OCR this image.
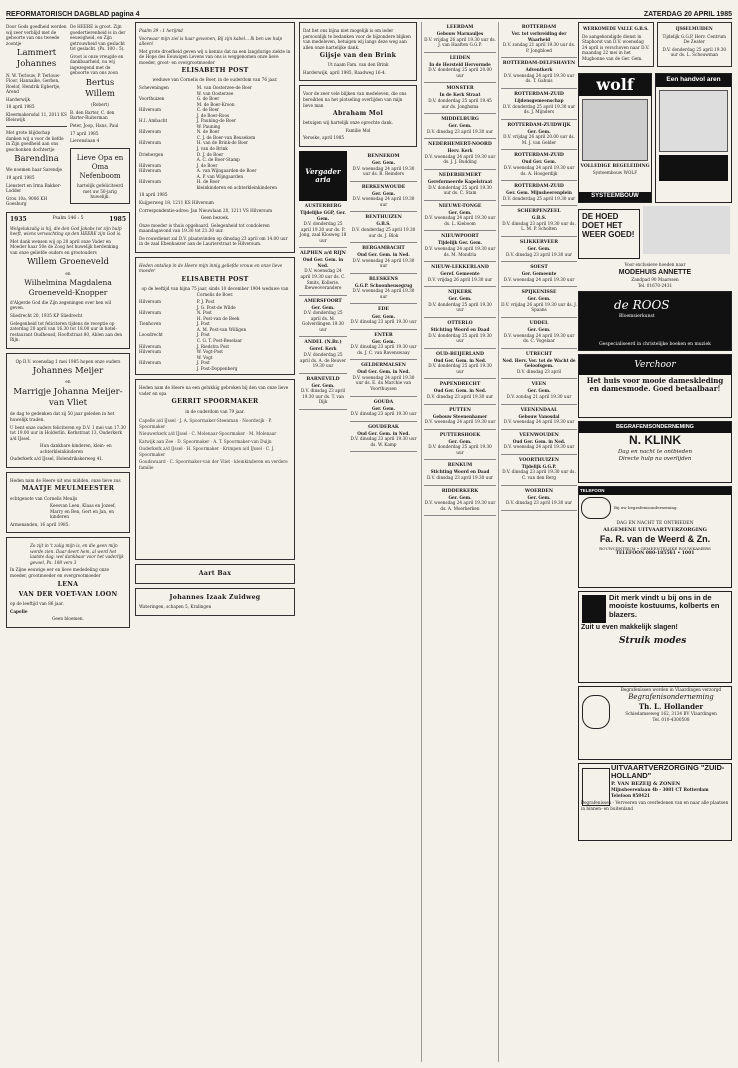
REFORMATORISCH DAGBLAD pagina 4	ZATERDAG 20 APRIL 1985
Door Gods goedheid werden wij zeer verblijd met de geboorte van ons tweede zoontje
Lammert Johannes
N. W. Terlouw, P. Terlouw-Floor, Hannaike, Gerben, Roelof, Hendrik Egbertje, Arend
Harderwijk
18 april 1985
Kleermakersdal 11, 2011 KS Bleiswijk
Met grote blijdschap danken wij u voor de liefde in Zijn goedheid aan ons geschonken dochtertje
Barendina
We noemen haar Sarendje
19 april 1985
Lienstert en Irma Bakker-Lodder
Grou 10a, 9006 KH Goesburg
De HEERE is groot. Zijn goedertierenheid is in der eeuwigheid, en Zijn getrouwheid van geslacht tot geslacht. (Ps. 100 : 5).
Groot is onze vreugde en dankbaarheid, nu wij ingezegend met de geboorte van ons zoon
Bertus Willem
(Robert)
B. den Barter, C. den Barter-Ruiterman
Peter, Joop, Hans, Paul
17 april 1985
Lievenslaan 4
Lieve Opa en Oma Nefenboom
hartelijk gefeliciteerd met uw 50-jarig huwelijk.
1935	Psalm 146 : 5	1985
Welgelukzalig is hij, die den God Jakobs tot zijn hulp heeft, wiens verwachting op den HEERE zijn God is.
Met dank wensen wij op 20 april onze Vader en Moeder haar 50e de Zoog het huwelijk herdenking van onze geliefde ouders en grootouders
Willem Groeneveld
en
Wilhelmina Magdalena Groeneveld-Knopper
d'Algerde God die Zijn zegeningen over hen wil geven.
Sliedrecht 20, 1935 KP Sliedrecht
Gelegenheid tot feliciteren tijdens de receptie op zaterdag 20 april van 16.30 tot 18.00 uur in hotel-restaurant Oudheusd, Hooftstraat 80, Ablen aan den Rijn.
Op D.V. woensdag 1 mei 1985 hopen onze ouders
Johannes Meijer
en
Marrigje Johanna Meijer-van Vliet
de dag te gedenken dat zij 50 jaar geleden in het huwelijk traden.
U bent onze ouders feliciteren op D.V. 1 mei van 17.30 tot 19.00 uur in Holderlin. Kerkstraat 13, Ouderkerk a/d IJssel.
Hun dankbare kinderen, klein- en achterkleinkinderen
Ouderkerk a/d IJssel, Holendrikskerweg 41.
Heden nam de Heere uit ons midden, onze lieve zus
MAATJE MEULMEESTER
echtgenote van Cornelis Meuljs
Keesvan Leen, Klaas en Jozeef, Marry en Ben, Gert en Jan, en kinderen
Armenanden, 16 april 1985.
Zo zijt in 't zalig mijn is, en die geen mijn worde zien. Daar deert hem, al werd het laatste dag, wel dankbaar voor het vaderlijk gevoel, Ps. 108 vers 3
In Zijne eeuwige eer en lieve mededeling onze moeder, grootmoeder en overgrootmoeder
LENA
VAN DER VOET-VAN LOON
op de leeftijd van 86 jaar.
Capelle
Geen bloemen.
Psalm 39 : 1 herijmd
Voorwaar mijn ziel is haar gewonen, Bij zijn kabel... Ik ben uw hulp alleen!
Met grote droefheid geven wij u kennis dat na een langdurige ziekte in de Hope des Eeuwigen Levens van ons is weggenomen onze lieve moeder, groot- en overgrootmoeder
ELISABETH POST
weduwe van Cornelis de Boer, in de ouderdom van 76 jaar.
Scheveningen	M. van Oosterzee-de Boer
W. van Oosterzee
Voorthuizen	G. de Boer
M. de Boer-Kroon
Hilversum	C. de Boer
J. de Boer-Roos
H.I. Ambacht	J. Pauning-de Boer
W. Pauning
Hilversum	N. de Boer
C. J. de Boer-van Beusekom
Hilversum	H. van de Brink-de Boer
J. van de Brink
Driebergen	D. J. de Boer
A. C. de Boer-Stamp
Hilversum	J. de Boer
Hilversum	A. van Wijngaarden-de Boer
A. P. van Wijngaarden
Hilversum	H. de Boer
kleinkinderen en achterkleinkinderen
18 april 1985
Kuijperweg 18, 1211 KS Hilversum
Correspondentie-adres: Jan Nieuwlaan 20, 1211 VS Hilversum
Geen bezoek.
Onze moeder is thuis opgebaard. Gelegenheid tot condoleren maandagavond van 19.30 tot 21.30 uur.
De rouwdienst zal D.V. plaatsvinden op dinsdag 23 april om 14.00 uur in de zaal Ebenhaezer aan de Laurierstraat te Hilversum.
Heden ontsliep in de Heere mijn innig geliefde vrouw en onze lieve moeder
ELISABETH POST
op de leeftijd van bijna 75 jaar, sinds 10 december 1904 weduwe van Cornelis de Boer.
Hilversum	P. J. Post
J. G. Post-de Wilde
Hilversum	N. Post
H. Post-van de Beek
Tienhoven	J. Post
A. M. Post-van Willigen
Loosdrecht	J. Post
C. G. T. Post-Beselaar
Hilversum	J. Riedstra Post
Hilversum	W. Vogt-Post
W. Vogt
Hilversum	J. Post
J. Post-Doppenberg
Heden nam de Heere na een gelukkig gebroken bij den van onze lieve vader en opa
GERRIT SPOORMAKER
in de ouderdom van 79 jaar.
Capelle a/d IJssel · J. A. Spoormaker-Steenman · Noordwijk · P. Spoormaker
Nieuwerkerk a/d IJssel · C. Molenaar-Spoormaker · M. Molenaar
Katwijk aan Zee · D. Spoormaker · A. T. Spoormaker-van Duijn
Ouderkerk a/d IJssel · H. Spoormaker · Krimpen a/d IJssel · C. J. Spoormaker
Goudswaard · C. Spoormaker-van der Vliet · kleinkinderen en verdere familie
Aart Bax
Johannes Izaak Zuidweg
Wateringen, schapen 5, Kralingen
Dat het ons bijna niet mogelijk is om ieder persoonlijk te bedanken voor de bijzondere blijken van medeleven, betuigen wij langs deze weg aan allen onze hartelijke dank.
Gijsje van den Brink
Ut naam Fam. van den Brink
Harderwijk, april 1985, Raadweg 16-4.
Voor de zeer vele blijken van medeleven, die ons bereikten na het plotseling overlijden van mijn lieve man
Abraham Mol
betuigen wij hartelijk onze oprechte dank.
Familie Mol
Yerseke, april 1985
Vergader aria
AUSTERBERG
Tijdelijke GGP, Ger. Gem.
D.V. donderdag 25 april 19.30 uur ds. P. Jong, zaal Klosweg 18 uur
ALPHEN a/d RIJN
Oud Ger. Gem. in Ned.
D.V. woensdag 24 april 19.30 uur ds. C. Smits, Kollerie. Ibeweoverandere
AMERSFOORT
Ger. Gem.
D.V. donderdag 25 april ds. M. Golverdingen 19.30 uur
ANDEL (N.Br.)
Geref. Kerk
D.V. donderdag 25 april ds. A. de Reuver 19.30 uur
BARNEVELD
Ger. Gem.
D.V. dinsdag 23 april 19.30 uur ds. T. van Dijk
BENNEKOM
Ger. Gem.
D.V. woensdag 24 april 19.30 uur ds. B. Reinders
BERKENWOUDE
Ger. Gem.
D.V. woensdag 24 april 19.30 uur
BENTHUIZEN
G.B.S.
D.V. donderdag 25 april 19.30 uur ds. J. Blok
BERGAMBACHT
Oud Ger. Gem. in Ned.
D.V. woensdag 24 april 19.30 uur
BLESKENS
G.G.P. Schoonheusegrug
D.V. woensdag 24 april 19.30 uur
EDE
Ger. Gem.
D.V. dinsdag 23 april 19.30 uur
ENTER
Ger. Gem.
D.V. dinsdag 23 april 19.30 uur ds. J. C. van Ravenswaay
GELDERMALSEN
Oud Ger. Gem. in Ned.
D.V. woensdag 24 april 19.30 uur ds. E. du Marchie van Voorthuysen
GOUDA
Ger. Gem.
D.V. dinsdag 23 april 19.30 uur
GOUDERAK
Oud Ger. Gem. in Ned.
D.V. dinsdag 23 april 19.30 uur ds. W. Kamp
LEERDAM
Gebouw Marnauljes
D.V. vrijdag 26 april 19.30 uur ds. J. van Haaften G.G.P.
LEIDEN
In de Hersteld Hervormde
D.V. donderdag 25 april 20.00 uur
MONSTER
In de Kerk Straat
D.V. donderdag 25 april 19.45 uur ds. Jonghsma
MIDDELBURG
Ger. Gem.
D.V. dinsdag 23 april 19.30 uur
NEDERHEMERT-NOORD
Herv. Kerk
D.V. woensdag 24 april 19.30 uur ds. J. J. Budding
NEDERHEMERT
Gereformeerde Kapelstraat
D.V. donderdag 25 april 19.30 uur ds. C. Stam
NIEUWE-TONGE
Ger. Gem.
D.V. woensdag 24 april 19.30 uur ds. L. Kieboom
NIEUWPOORT
Tijdelijk Ger. Gem.
D.V. woensdag 24 april 19.30 uur ds. M. Mondria
NIEUW-LEKKERLAND
Geref. Gemeente
D.V. vrijdag 26 april 19.30 uur
NIJKERK
Ger. Gem.
D.V. donderdag 25 april 19.30 uur
OTTERLO
Stichting Woord en Daad
D.V. donderdag 25 april 19.30 uur
OUD-BEIJERLAND
Oud Ger. Gem. in Ned.
D.V. donderdag 25 april 19.30 uur
PAPENDRECHT
Oud Ger. Gem. in Ned.
D.V. dinsdag 23 april 19.30 uur
PUTTEN
Gebouw Steenenhamer
D.V. woensdag 24 april 19.30 uur
PUTTERSHOEK
Ger. Gem.
D.V. donderdag 25 april 19.30 uur
RENKUM
Stichting Woord en Daad
D.V. dinsdag 23 april 19.30 uur
RIDDERKERK
Ger. Gem.
D.V. woensdag 24 april 19.30 uur ds. A. Moerkerken
ROTTERDAM
Ver. tot verbreiding der Waarheid
D.V. zondag 21 april 19.30 uur ds. P. Jongbloed
ROTTERDAM-DELFSHAVEN
Adventkerk
D.V. woensdag 24 april 19.30 uur ds. T. Gahuis
ROTTERDAM-ZUID
Lijdensgemeenschap
D.V. donderdag 25 april 19.30 uur ds. J. Mijnders
ROTTERDAM-ZUIDWIJK
Ger. Gem.
D.V. vrijdag 26 april 20.00 uur ds. M. J. van Gelder
ROTTERDAM-ZUID
Oud Ger. Gem.
D.V. woensdag 24 april 19.30 uur ds. A. Hoogerdijk
ROTTERDAM-ZUID
Ger. Gem. Mijnsheerenplein
D.V. donderdag 25 april 19.30 uur
SCHERPENZEEL
G.B.S.
D.V. dinsdag 23 april 19.30 uur ds. L. M. P. Scholten
SLIKKERVEER
Ger. Gem.
D.V. dinsdag 23 april 19.30 uur
SOEST
Ger. Gemeente
D.V. woensdag 24 april 19.30 uur
SPIJKENISSE
Ger. Gem.
D.V. vrijdag 26 april 19.30 uur ds. J. Spaans
UDDEL
Ger. Gem.
D.V. woensdag 24 april 19.30 uur ds. C. Vogelaar
UTRECHT
Ned. Herv. Ver. tot de Wacht de Geloofsgem.
D.V. dinsdag 23 april
VEEN
Ger. Gem.
D.V. zondag 21 april 19.30 uur
VEENENDAAL
Gebouw Vanosdal
D.V. woensdag 24 april 19.30 uur
VEENWOUDEN
Oud Ger. Gem. in Ned.
D.V. woensdag 24 april 19.30 uur
VOORTHUIZEN
Tijdelijk G.G.P.
D.V. dinsdag 23 april 19.30 uur ds. C. van den Berg
WOERDEN
Ger. Gem.
D.V. dinsdag 23 april 19.30 uur
WERKOMEDE VALLE G.B.S.
De aangekondigde dienst in Staphorst van D.V. woensdag 24 april is verschoven naar D.V. maandag 22 mei in het Mugbonne van de Ger. Gem.
IJSSELMUIDEN
Tijdelijk G.G.P. Herv. Centrum De Zeater
D.V. donderdag 25 april 19.30 uur ds. L. Schouwman
wolf
VOLLEDIGE BEGELEIDING
Systeembouw WOLF
SYSTEEMBOUW
Een handvol aren
DE HOED DOET HET WEER GOED!
Voor exclusieve hoeden naar
MODEHUIS ANNETTE
Zandpad 90 Maarssen
Tel. 01670-2431
de ROOS
Bloemsierkunst
Gespecialiseerd in christelijke boeken en muziek
Verchoor
Het huis voor mooie dameskleding en damesmode. Goed betaalbaar!
BEGRAFENISONDERNEMING
N. KLINK
Dag en nacht te ontbieden
Directe hulp na overlijden
TELEFOON
Bij uw begrafenisonderneming
DAG EN NACHT TE ONTBIEDEN
ALGEMENE UITVAARTVERZORGING
Fa. R. van de Weerd & Zn.
ROUWCENTRUM • GEMEENTELIJKE ROUWKAMERS
TELEFOON 080-185561 • 1001
Dit merk vindt u bij ons in de mooiste kostuums, kolberts en blazers.
Zuit u even makkelijk slagen!
Struik modes
Begrafenissen worden in Vlaardingen verzorgd
Begrafenisonderneming
Th. L. Hollander
Schiedamseweg 162, 3134 BV Vlaardingen
Tel. 010-4300508
UITVAARTVERZORGING "ZUID-HOLLAND"
P. VAN BEZEIJ & ZONEN
Mijnsheerenlaan 4b - 3081 CT Rotterdam
Telefoon 858421
Begrafenissen - Vervoeren van overledenen van en naar alle plaatsen in binnen- en buitenland
